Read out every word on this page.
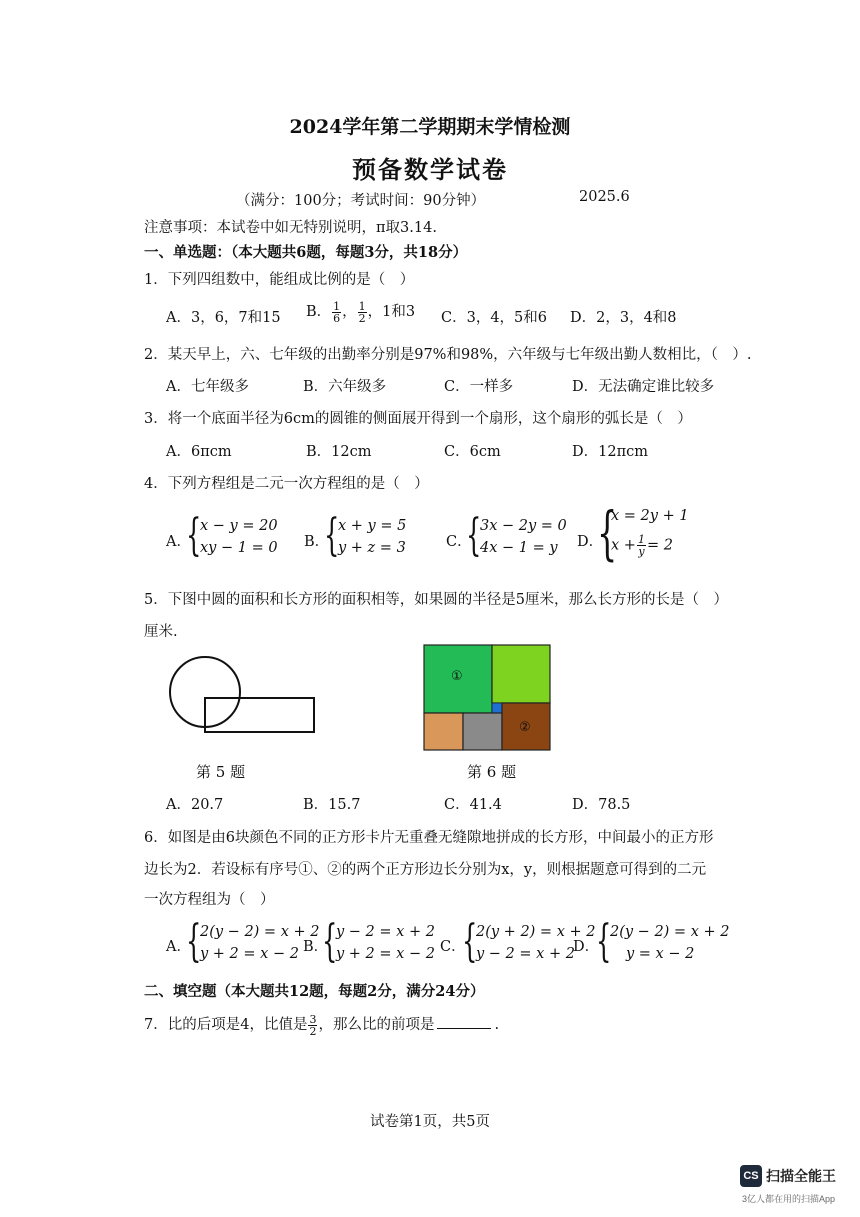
2024学年第二学期期末学情检测
预备数学试卷
（满分：100分；考试时间：90分钟）	2025.6
注意事项：本试卷中如无特别说明，π取3.14.
一、单选题：（本大题共6题，每题3分，共18分）
1．下列四组数中，能组成比例的是（　）
A．3，6，7和15 B． $\frac{1}{6}$ ， $\frac{1}{2}$ ，1和3 C．3，4，5和6 D．2，3，4和8
2．某天早上，六、七年级的出勤率分别是97%和98%，六年级与七年级出勤人数相比，（　）.
A．七年级多	B．六年级多	C．一样多	D．无法确定谁比较多
3．将一个底面半径为6cm的圆锥的侧面展开得到一个扇形，这个扇形的弧长是（　）
A．6πcm	B．12cm	C．6cm	D．12πcm
4．下列方程组是二元一次方程组的是（　）
A．
{
x − y = 20
xy − 1 = 0 B．
{
x + y = 5
y + z = 3	C．
{
3x − 2y = 0
4x − 1 = y D．
{
x = 2y + 1
$x + \frac{1}{y} = 2$
5．下图中圆的面积和长方形的面积相等，如果圆的半径是5厘米，那么长方形的长是（　）
厘米.
第 5 题
①
②
第 6 题
A．20.7	B．15.7	C．41.4	D．78.5
6．如图是由6块颜色不同的正方形卡片无重叠无缝隙地拼成的长方形，中间最小的正方形
边长为2．若设标有序号①、②的两个正方形边长分别为x，y，则根据题意可得到的二元
一次方程组为（　）
A．
{
2(y − 2) = x + 2
y + 2 = x − 2 B．
{
y − 2 = x + 2
y + 2 = x − 2 C．
{
2(y + 2) = x + 2
y − 2 = x + 2
D．
{
2(y − 2) = x + 2
y = x − 2
二、填空题（本大题共12题，每题2分，满分24分）
7．比的后项是4，比值是 $\frac{3}{2}$ ，那么比的前项是	.
试卷第1页，共5页
CS 扫描全能王
3亿人都在用的扫描App
